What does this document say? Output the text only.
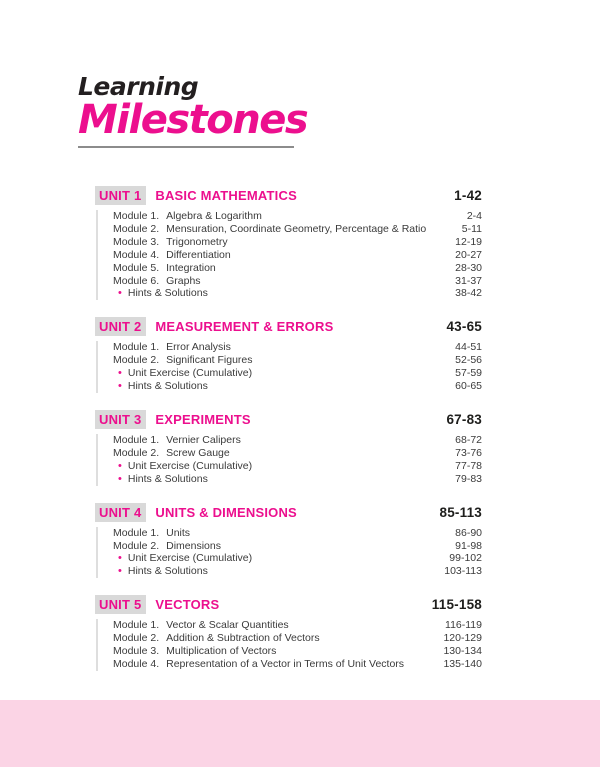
Learning
Milestones
UNIT 1	BASIC MATHEMATICS	1-42
Module 1. Algebra & Logarithm	2-4
Module 2. Mensuration, Coordinate Geometry, Percentage & Ratio	5-11
Module 3. Trigonometry	12-19
Module 4. Differentiation	20-27
Module 5. Integration	28-30
Module 6. Graphs	31-37
• Hints & Solutions	38-42
UNIT 2	MEASUREMENT & ERRORS	43-65
Module 1. Error Analysis	44-51
Module 2. Significant Figures	52-56
• Unit Exercise (Cumulative)	57-59
• Hints & Solutions	60-65
UNIT 3	EXPERIMENTS	67-83
Module 1. Vernier Calipers	68-72
Module 2. Screw Gauge	73-76
• Unit Exercise (Cumulative)	77-78
• Hints & Solutions	79-83
UNIT 4	UNITS & DIMENSIONS	85-113
Module 1. Units	86-90
Module 2. Dimensions	91-98
• Unit Exercise (Cumulative)	99-102
• Hints & Solutions	103-113
UNIT 5	VECTORS	115-158
Module 1. Vector & Scalar Quantities	116-119
Module 2. Addition & Subtraction of Vectors	120-129
Module 3. Multiplication of Vectors	130-134
Module 4. Representation of a Vector in Terms of Unit Vectors	135-140
